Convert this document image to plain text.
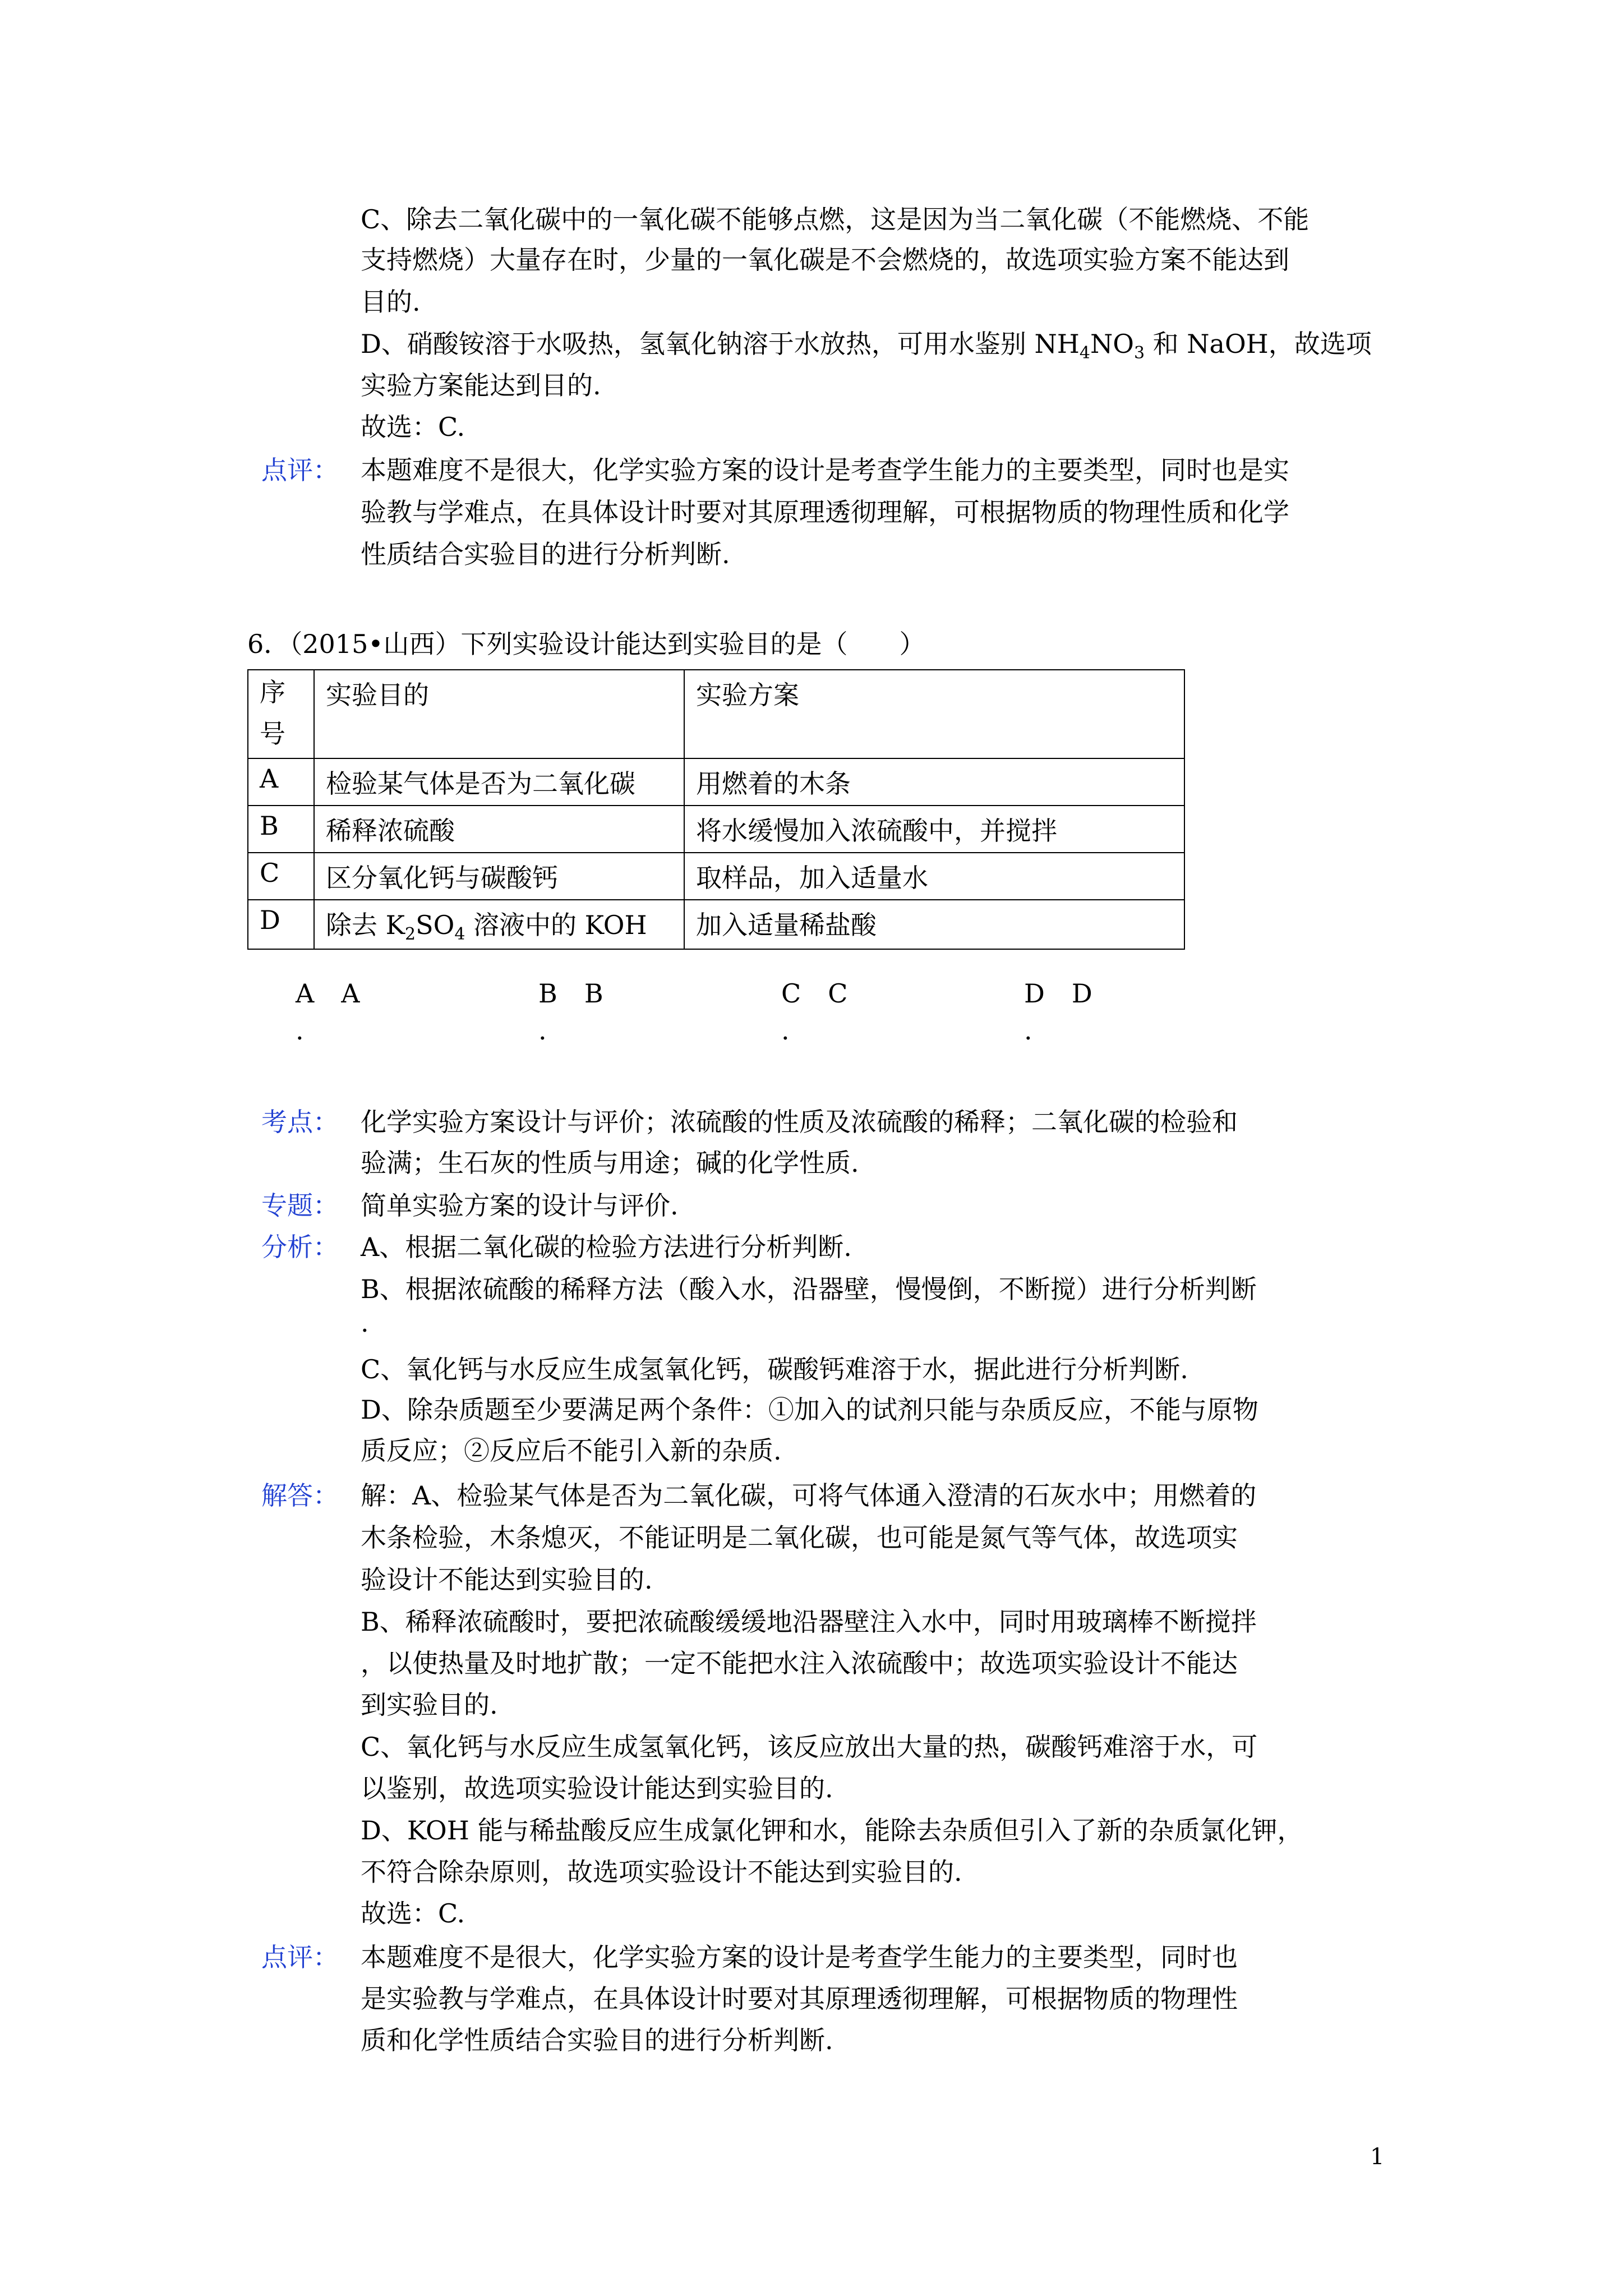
C、除去二氧化碳中的一氧化碳不能够点燃，这是因为当二氧化碳（不能燃烧、不能
支持燃烧）大量存在时，少量的一氧化碳是不会燃烧的，故选项实验方案不能达到
目的.
D、硝酸铵溶于水吸热，氢氧化钠溶于水放热，可用水鉴别 $NH_4NO_3$ 和 NaOH，故选项
实验方案能达到目的.
故选：C.
点评： 本题难度不是很大，化学实验方案的设计是考查学生能力的主要类型，同时也是实
验教与学难点，在具体设计时要对其原理透彻理解，可根据物质的物理性质和化学
性质结合实验目的进行分析判断.
6．（2015•山西）下列实验设计能达到实验目的是（　　）
序号	实验目的	实验方案
A	检验某气体是否为二氧化碳	用燃着的木条
B	稀释浓硫酸	将水缓慢加入浓硫酸中，并搅拌
C	区分氧化钙与碳酸钙	取样品，加入适量水
D	除去 $K_2SO_4$ 溶液中的 KOH	加入适量稀盐酸
A A
.
B B
.
C C
.
D D
.
考点： 化学实验方案设计与评价；浓硫酸的性质及浓硫酸的稀释；二氧化碳的检验和
验满；生石灰的性质与用途；碱的化学性质.
专题： 简单实验方案的设计与评价.
分析： A、根据二氧化碳的检验方法进行分析判断.
B、根据浓硫酸的稀释方法（酸入水，沿器壁，慢慢倒，不断搅）进行分析判断
.
C、氧化钙与水反应生成氢氧化钙，碳酸钙难溶于水，据此进行分析判断.
D、除杂质题至少要满足两个条件：①加入的试剂只能与杂质反应，不能与原物
质反应；②反应后不能引入新的杂质.
解答： 解：A、检验某气体是否为二氧化碳，可将气体通入澄清的石灰水中；用燃着的
木条检验，木条熄灭，不能证明是二氧化碳，也可能是氮气等气体，故选项实
验设计不能达到实验目的.
B、稀释浓硫酸时，要把浓硫酸缓缓地沿器壁注入水中，同时用玻璃棒不断搅拌
，以使热量及时地扩散；一定不能把水注入浓硫酸中；故选项实验设计不能达
到实验目的.
C、氧化钙与水反应生成氢氧化钙，该反应放出大量的热，碳酸钙难溶于水，可
以鉴别，故选项实验设计能达到实验目的.
D、KOH 能与稀盐酸反应生成氯化钾和水，能除去杂质但引入了新的杂质氯化钾，
不符合除杂原则，故选项实验设计不能达到实验目的.
故选：C.
点评： 本题难度不是很大，化学实验方案的设计是考查学生能力的主要类型，同时也
是实验教与学难点，在具体设计时要对其原理透彻理解，可根据物质的物理性
质和化学性质结合实验目的进行分析判断.
1
